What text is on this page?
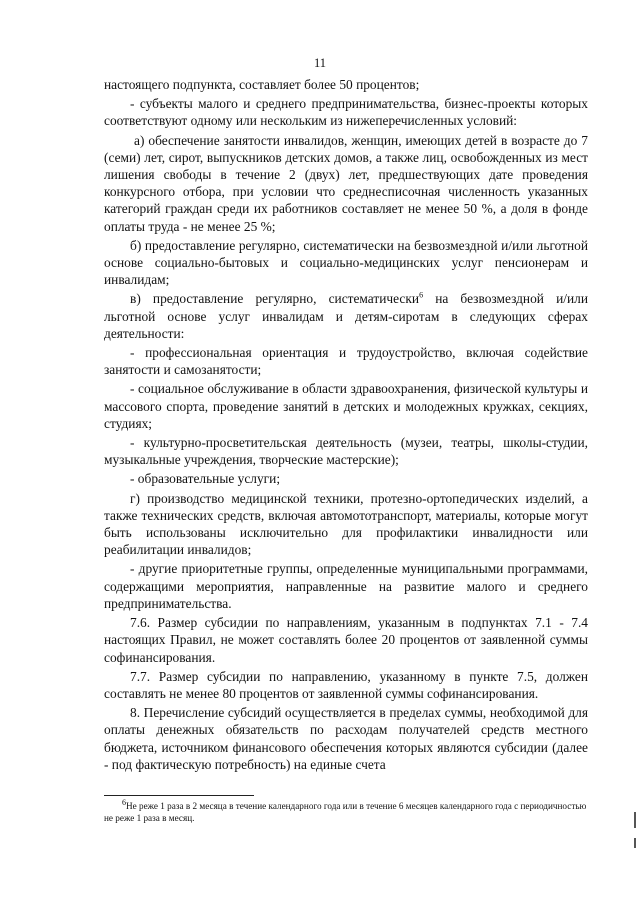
11

настоящего подпункта, составляет более 50 процентов;

- субъекты малого и среднего предпринимательства, бизнес-проекты которых соответствуют одному или нескольким из нижеперечисленных условий:

а) обеспечение занятости инвалидов, женщин, имеющих детей в возрасте до 7 (семи) лет, сирот, выпускников детских домов, а также лиц, освобожденных из мест лишения свободы в течение 2 (двух) лет, предшествующих дате проведения конкурсного отбора, при условии что среднесписочная численность указанных категорий граждан среди их работников составляет не менее 50 %, а доля в фонде оплаты труда - не менее 25 %;

б) предоставление регулярно, систематически на безвозмездной и/или льготной основе социально-бытовых и социально-медицинских услуг пенсионерам и инвалидам;

в) предоставление регулярно, систематически$^6$ на безвозмездной и/или льготной основе услуг инвалидам и детям-сиротам в следующих сферах деятельности:

- профессиональная ориентация и трудоустройство, включая содействие занятости и самозанятости;

- социальное обслуживание в области здравоохранения, физической культуры и массового спорта, проведение занятий в детских и молодежных кружках, секциях, студиях;

- культурно-просветительская деятельность (музеи, театры, школы-студии, музыкальные учреждения, творческие мастерские);

- образовательные услуги;

г) производство медицинской техники, протезно-ортопедических изделий, а также технических средств, включая автомототранспорт, материалы, которые могут быть использованы исключительно для профилактики инвалидности или реабилитации инвалидов;

- другие приоритетные группы, определенные муниципальными программами, содержащими мероприятия, направленные на развитие малого и среднего предпринимательства.

7.6. Размер субсидии по направлениям, указанным в подпунктах 7.1 - 7.4 настоящих Правил, не может составлять более 20 процентов от заявленной суммы софинансирования.

7.7. Размер субсидии по направлению, указанному в пункте 7.5, должен составлять не менее 80 процентов от заявленной суммы софинансирования.

8. Перечисление субсидий осуществляется в пределах суммы, необходимой для оплаты денежных обязательств по расходам получателей средств местного бюджета, источником финансового обеспечения которых являются субсидии (далее - под фактическую потребность) на единые счета

$^6$Не реже 1 раза в 2 месяца в течение календарного года или в течение 6 месяцев календарного года с периодичностью не реже 1 раза в месяц.
